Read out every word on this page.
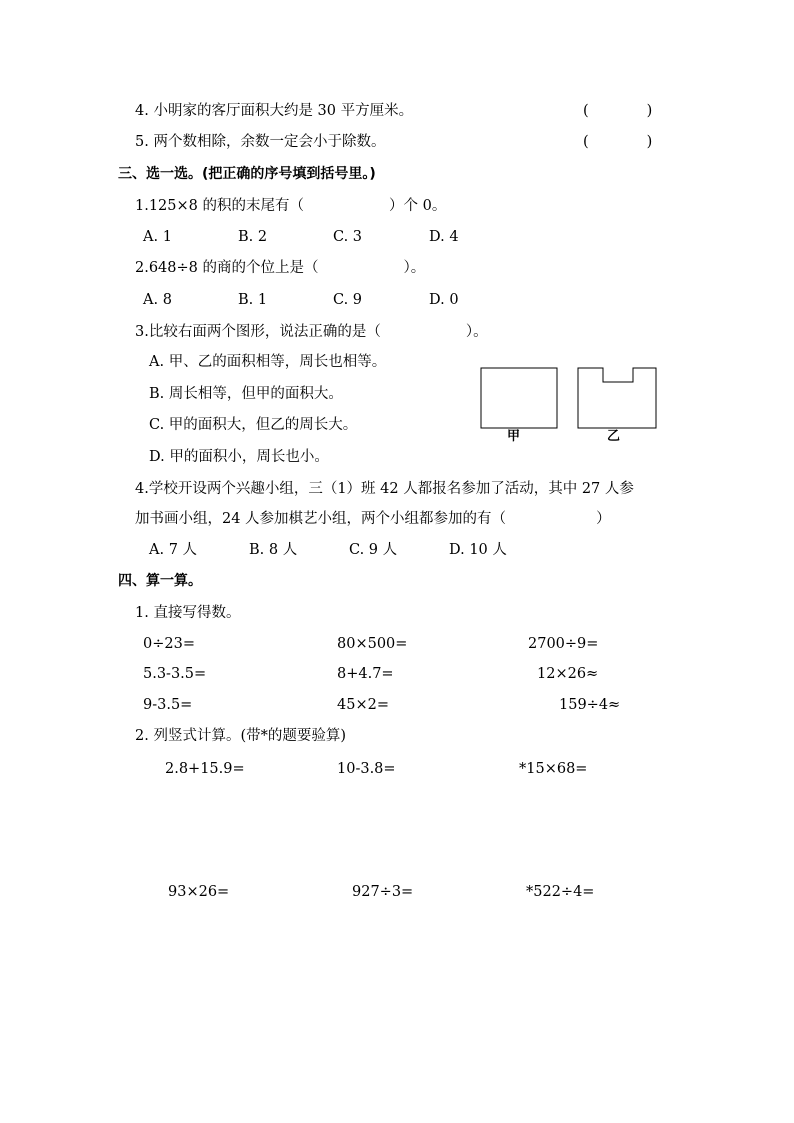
4. 小明家的客厅面积大约是 30 平方厘米。	(	)
5. 两个数相除，余数一定会小于除数。	(	)
三、选一选。(把正确的序号填到括号里。)
1.125×8 的积的末尾有（	）个 0。
A. 1	B. 2	C. 3	D. 4
2.648÷8 的商的个位上是（	）。
A. 8	B. 1	C. 9	D. 0
3.比较右面两个图形，说法正确的是（	）。
A. 甲、乙的面积相等，周长也相等。
B. 周长相等，但甲的面积大。
C. 甲的面积大，但乙的周长大。
D. 甲的面积小，周长也小。
甲	乙
4.学校开设两个兴趣小组，三（1）班 42 人都报名参加了活动，其中 27 人参
加书画小组，24 人参加棋艺小组，两个小组都参加的有（	）
A. 7 人	B. 8 人	C. 9 人	D. 10 人
四、算一算。
1. 直接写得数。
0÷23=	80×500=	2700÷9=
5.3-3.5=	8+4.7=	12×26≈
9-3.5=	45×2=	159÷4≈
2. 列竖式计算。(带*的题要验算)
2.8+15.9=	10-3.8=	*15×68=
93×26=	927÷3=	*522÷4=
